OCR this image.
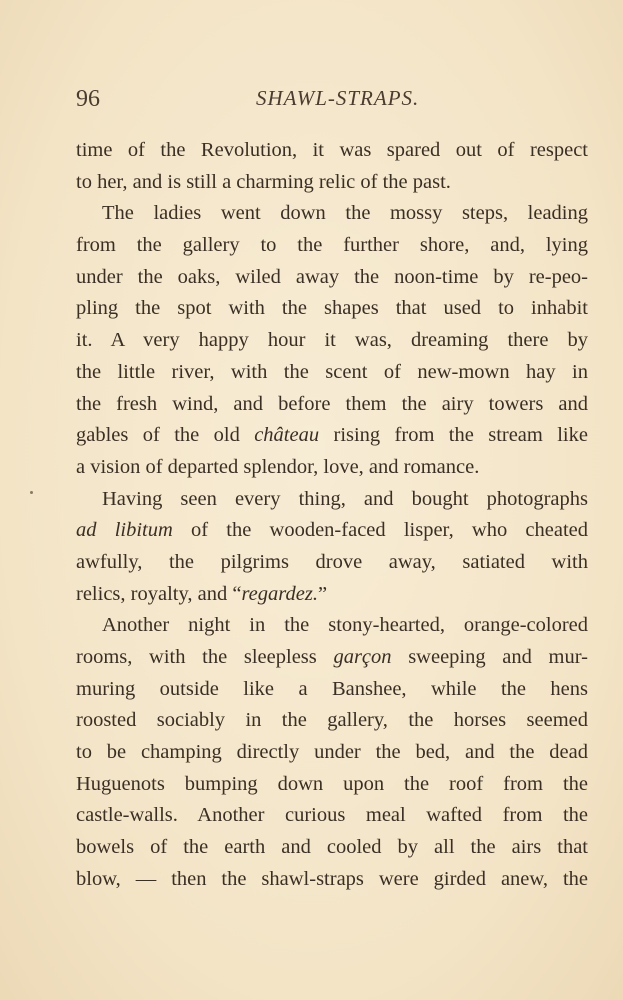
96	SHAWL-STRAPS.
time of the Revolution, it was spared out of respect
to her, and is still a charming relic of the past.
The ladies went down the mossy steps, leading
from the gallery to the further shore, and, lying
under the oaks, wiled away the noon-time by re-peo-
pling the spot with the shapes that used to inhabit
it. A very happy hour it was, dreaming there by
the little river, with the scent of new-mown hay in
the fresh wind, and before them the airy towers and
gables of the old château rising from the stream like
a vision of departed splendor, love, and romance.
Having seen every thing, and bought photographs
ad libitum of the wooden-faced lisper, who cheated
awfully, the pilgrims drove away, satiated with
relics, royalty, and “regardez.”
Another night in the stony-hearted, orange-colored
rooms, with the sleepless garçon sweeping and mur-
muring outside like a Banshee, while the hens
roosted sociably in the gallery, the horses seemed
to be champing directly under the bed, and the dead
Huguenots bumping down upon the roof from the
castle-walls. Another curious meal wafted from the
bowels of the earth and cooled by all the airs that
blow, — then the shawl-straps were girded anew, the
